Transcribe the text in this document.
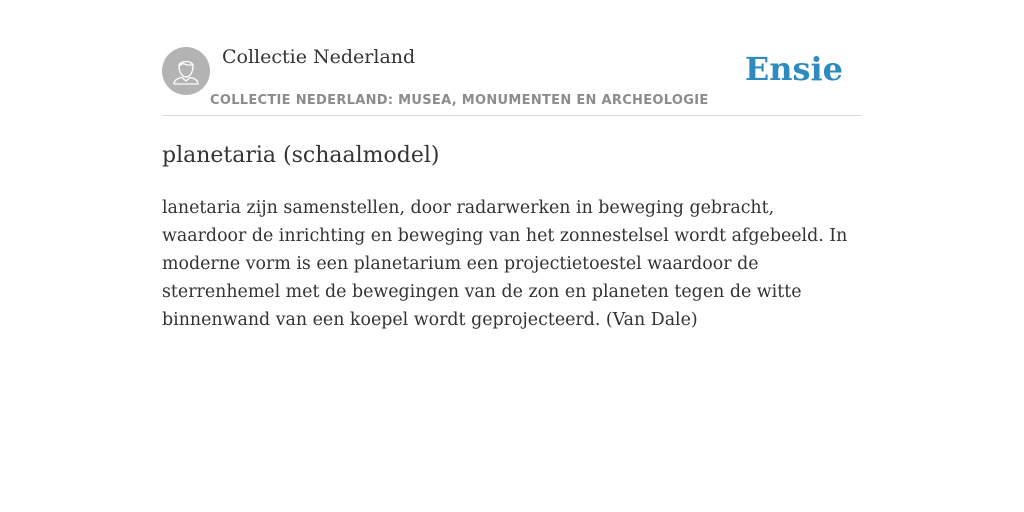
Collectie Nederland
COLLECTIE NEDERLAND: MUSEA, MONUMENTEN EN ARCHEOLOGIE
Ensie
planetaria (schaalmodel)

lanetaria zijn samenstellen, door radarwerken in beweging gebracht, waardoor de inrichting en beweging van het zonnestelsel wordt afgebeeld. In moderne vorm is een planetarium een projectietoestel waardoor de sterrenhemel met de bewegingen van de zon en planeten tegen de witte binnenwand van een koepel wordt geprojecteerd. (Van Dale)
